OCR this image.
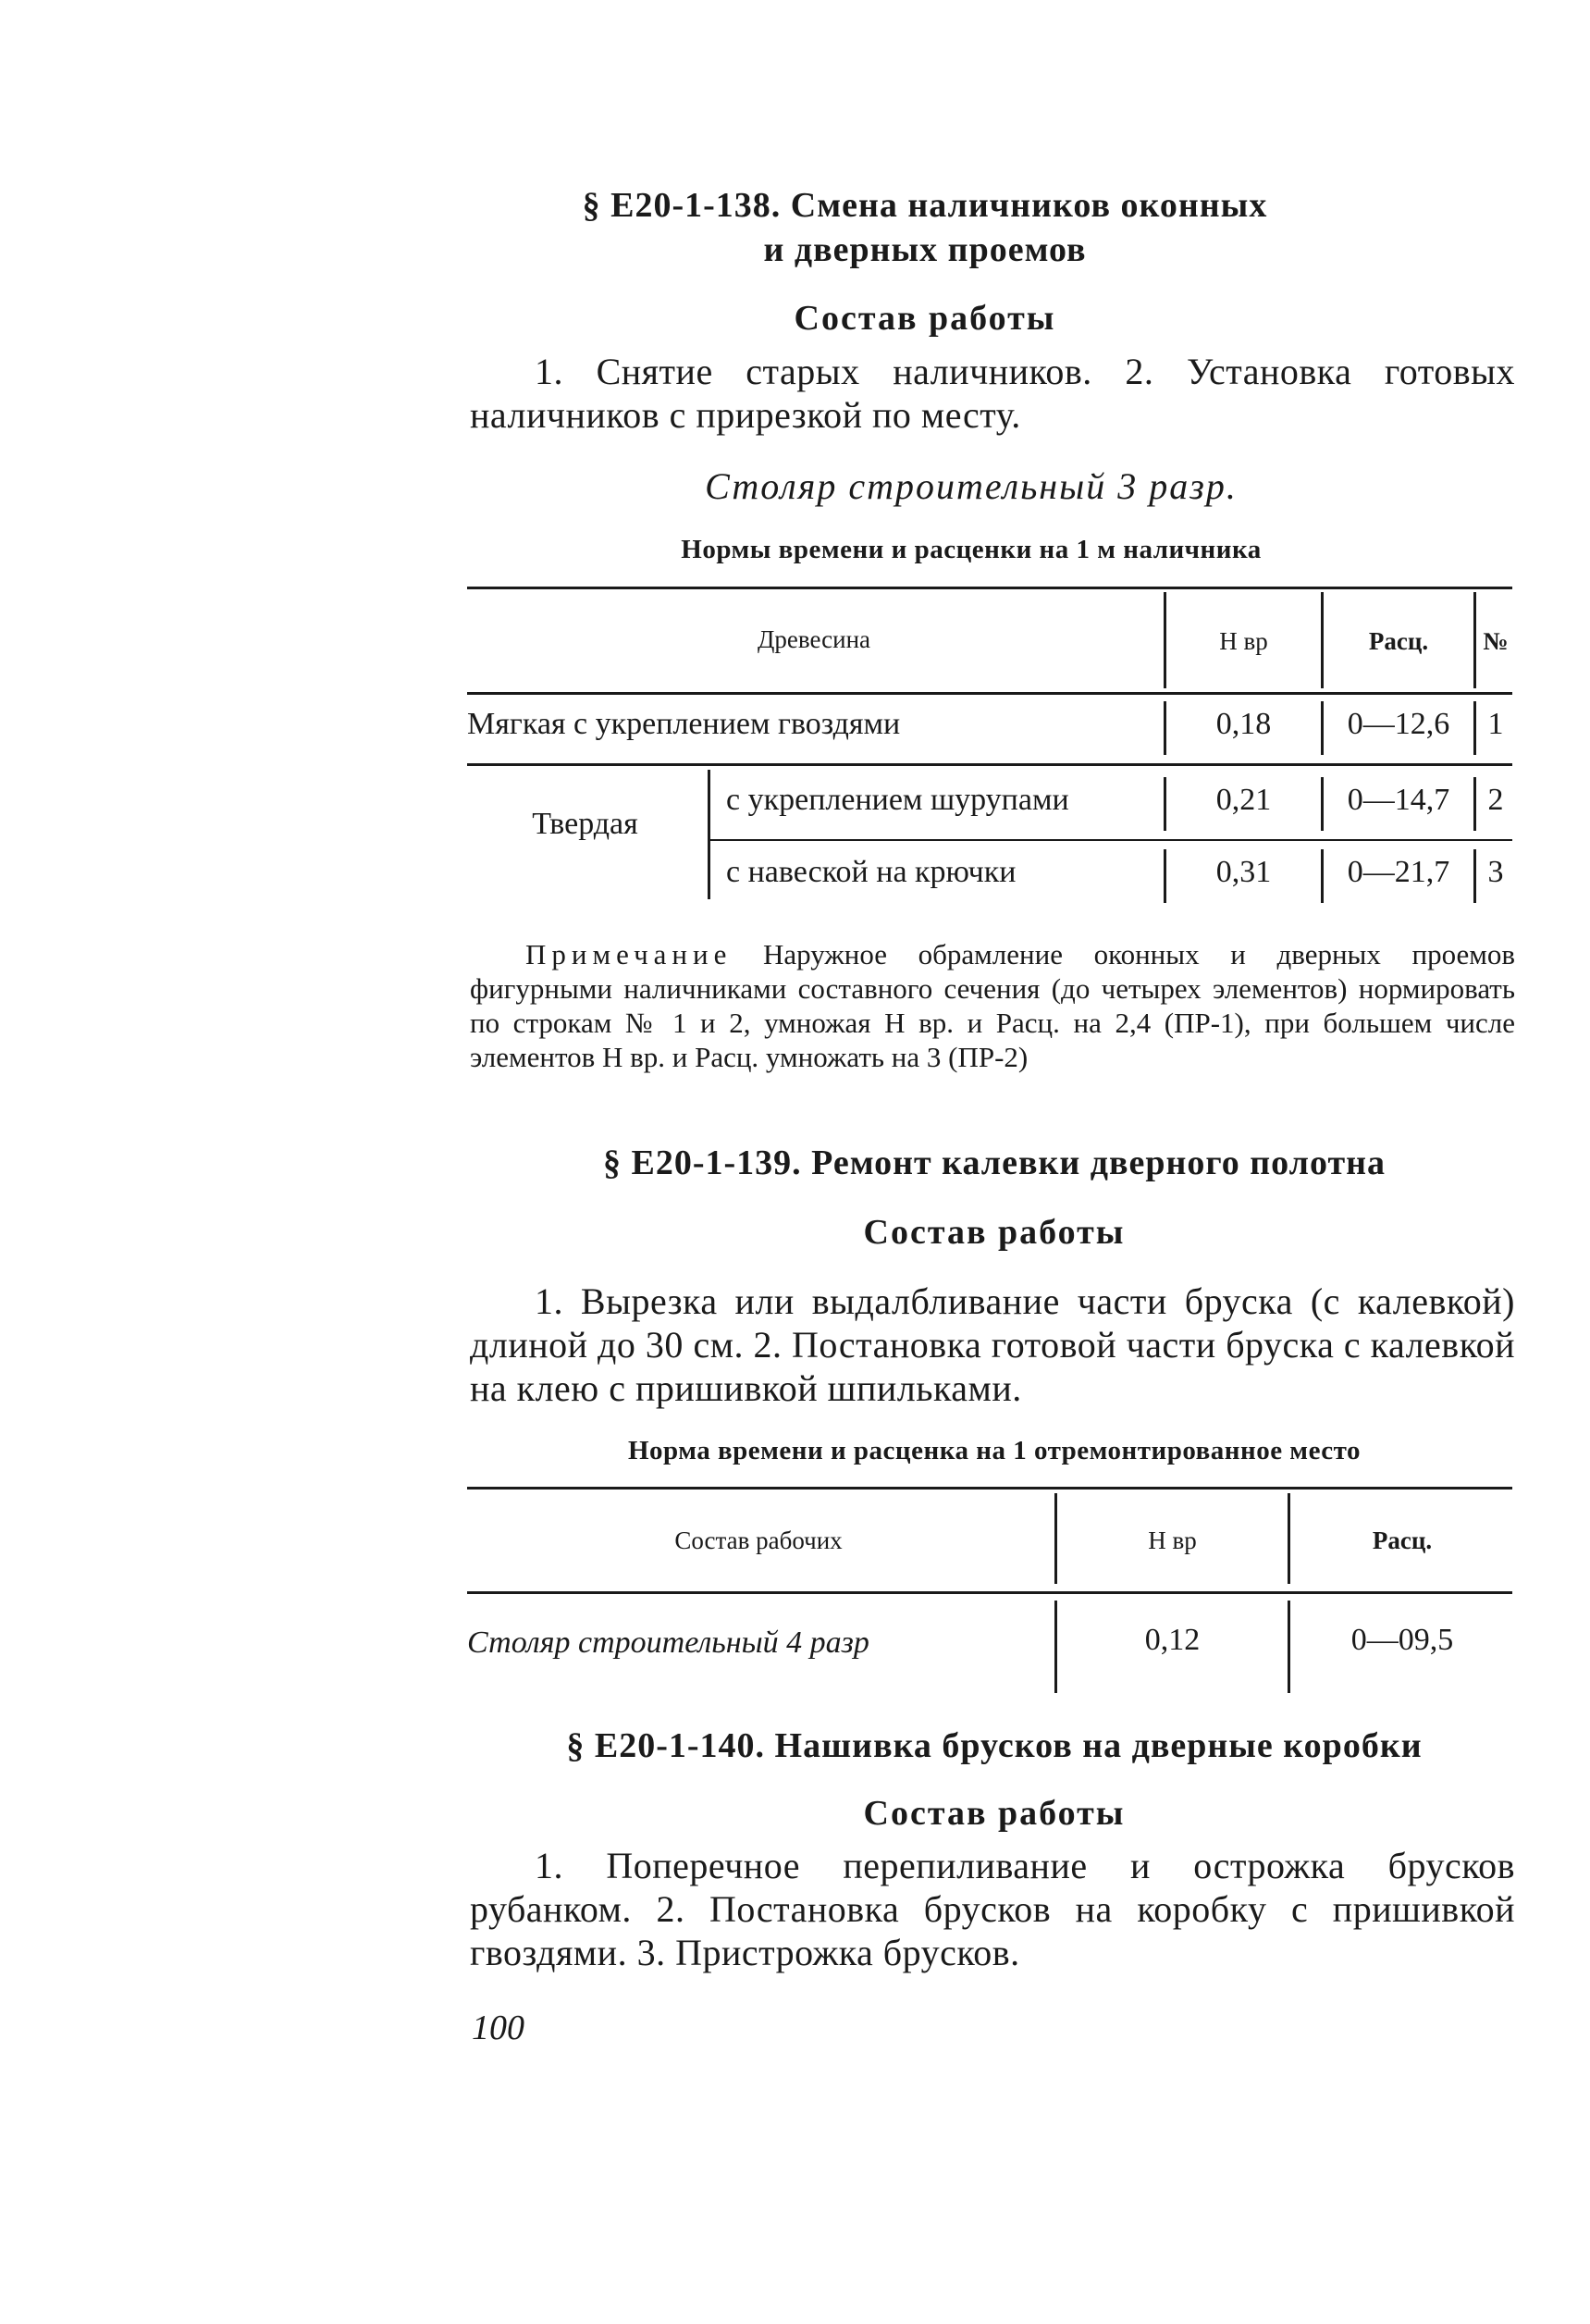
§ Е20-1-138. Смена наличников оконных
и дверных проемов
Состав работы
1. Снятие старых наличников. 2. Установка готовых наличников с прирезкой по месту.
Столяр строительный 3 разр.
Нормы времени и расценки на 1 м наличника
Древесина	Н вр	Расц.	№
Мягкая с укреплением гвоздями	0,18	0—12,6	1
Твердая
с укреплением шурупами	0,21	0—14,7	2
с навеской на крючки	0,31	0—21,7	3
Примечание Наружное обрамление оконных и дверных проемов фигурными наличниками составного сечения (до четырех элементов) нормировать по строкам № 1 и 2, умножая Н вр. и Расц. на 2,4 (ПР-1), при большем числе элементов Н вр. и Расц. умножать на 3 (ПР-2)
§ Е20-1-139. Ремонт калевки дверного полотна
Состав работы
1. Вырезка или выдалбливание части бруска (с калевкой) длиной до 30 см. 2. Постановка готовой части бруска с калевкой на клею с пришивкой шпильками.
Норма времени и расценка на 1 отремонтированное место
Состав рабочих	Н вр	Расц.
Столяр строительный 4 разр	0,12	0—09,5
§ Е20-1-140. Нашивка брусков на дверные коробки
Состав работы
1. Поперечное перепиливание и острожка брусков рубанком. 2. Постановка брусков на коробку с пришивкой гвоздями. 3. Пристрожка брусков.
100
